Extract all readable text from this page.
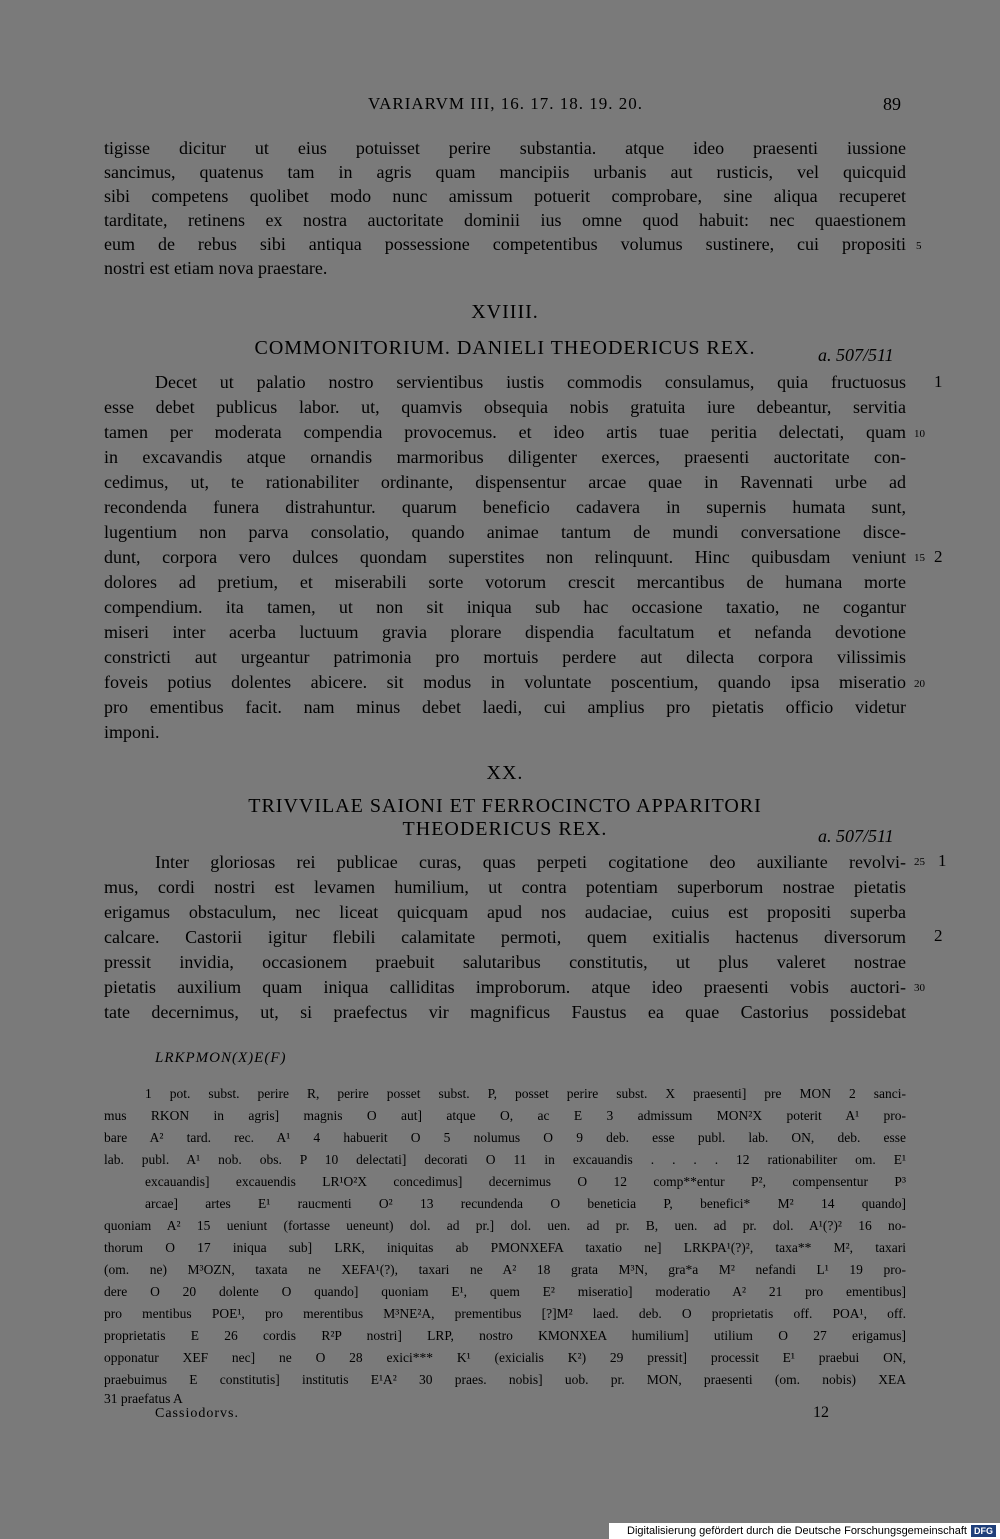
VARIARVM III, 16. 17. 18. 19. 20.	89
tigisse dicitur ut eius potuisset perire substantia. atque ideo praesenti iussione
sancimus, quatenus tam in agris quam mancipiis urbanis aut rusticis, vel quicquid
sibi competens quolibet modo nunc amissum potuerit comprobare, sine aliqua recuperet
tarditate, retinens ex nostra auctoritate dominii ius omne quod habuit: nec quaestionem
eum de rebus sibi antiqua possessione competentibus volumus sustinere, cui propositi
nostri est etiam nova praestare.
5
XVIIII.
COMMONITORIUM. DANIELI THEODERICUS REX.	a. 507/511
Decet ut palatio nostro servientibus iustis commodis consulamus, quia fructuosus
esse debet publicus labor. ut, quamvis obsequia nobis gratuita iure debeantur, servitia
tamen per moderata compendia provocemus. et ideo artis tuae peritia delectati, quam
in excavandis atque ornandis marmoribus diligenter exerces, praesenti auctoritate con-
cedimus, ut, te rationabiliter ordinante, dispensentur arcae quae in Ravennati urbe ad
recondenda funera distrahuntur. quarum beneficio cadavera in supernis humata sunt,
lugentium non parva consolatio, quando animae tantum de mundi conversatione disce-
dunt, corpora vero dulces quondam superstites non relinquunt. Hinc quibusdam veniunt
dolores ad pretium, et miserabili sorte votorum crescit mercantibus de humana morte
compendium. ita tamen, ut non sit iniqua sub hac occasione taxatio, ne cogantur
miseri inter acerba luctuum gravia plorare dispendia facultatum et nefanda devotione
constricti aut urgeantur patrimonia pro mortuis perdere aut dilecta corpora vilissimis
foveis potius dolentes abicere. sit modus in voluntate poscentium, quando ipsa miseratio
pro ementibus facit. nam minus debet laedi, cui amplius pro pietatis officio videtur
imponi.
1
10
15 2
20
XX.
TRIVVILAE SAIONI ET FERROCINCTO APPARITORI
THEODERICUS REX.	a. 507/511
Inter gloriosas rei publicae curas, quas perpeti cogitatione deo auxiliante revolvi-
mus, cordi nostri est levamen humilium, ut contra potentiam superborum nostrae pietatis
erigamus obstaculum, nec liceat quicquam apud nos audaciae, cuius est propositi superba
calcare. Castorii igitur flebili calamitate permoti, quem exitialis hactenus diversorum
pressit invidia, occasionem praebuit salutaribus constitutis, ut plus valeret nostrae
pietatis auxilium quam iniqua calliditas improborum. atque ideo praesenti vobis auctori-
tate decernimus, ut, si praefectus vir magnificus Faustus ea quae Castorius possidebat
25 1
2
30
LRKPMON(X)E(F)
1 pot. subst. perire R, perire posset subst. P, posset perire subst. X praesenti] pre MON 2 sanci-
mus RKON in agris] magnis O aut] atque O, ac E 3 admissum MON²X poterit A¹ pro-
bare A² tard. rec. A¹ 4 habuerit O 5 nolumus O 9 deb. esse publ. lab. ON, deb. esse
lab. publ. A¹ nob. obs. P 10 delectati] decorati O 11 in excauandis . . . . 12 rationabiliter om. E¹
excauandis] excauendis LR¹O²X concedimus] decernimus O 12 comp**entur P², compensentur P³
arcae] artes E¹ raucmenti O² 13 recundenda O beneticia P, benefici* M² 14 quando]
quoniam A² 15 ueniunt (fortasse ueneunt) dol. ad pr.] dol. uen. ad pr. B, uen. ad pr. dol. A¹(?)² 16 no-
thorum O 17 iniqua sub] LRK, iniquitas ab PMONXEFA taxatio ne] LRKPA¹(?)², taxa** M², taxari
(om. ne) M³OZN, taxata ne XEFA¹(?), taxari ne A² 18 grata M³N, gra*a M² nefandi L¹ 19 pro-
dere O 20 dolente O quando] quoniam E¹, quem E² miseratio] moderatio A² 21 pro ementibus]
pro mentibus POE¹, pro merentibus M³NE²A, prementibus [?]M² laed. deb. O proprietatis off. POA¹, off.
proprietatis E 26 cordis R²P nostri] LRP, nostro KMONXEA humilium] utilium O 27 erigamus]
opponatur XEF nec] ne O 28 exici*** K¹ (exicialis K²) 29 pressit] processit E¹ praebui ON,
praebuimus E constitutis] institutis E¹A² 30 praes. nobis] uob. pr. MON, praesenti (om. nobis) XEA
31 praefatus A
Cassiodorvs.	12
Digitalisierung gefördert durch die Deutsche Forschungsgemeinschaft DFG
